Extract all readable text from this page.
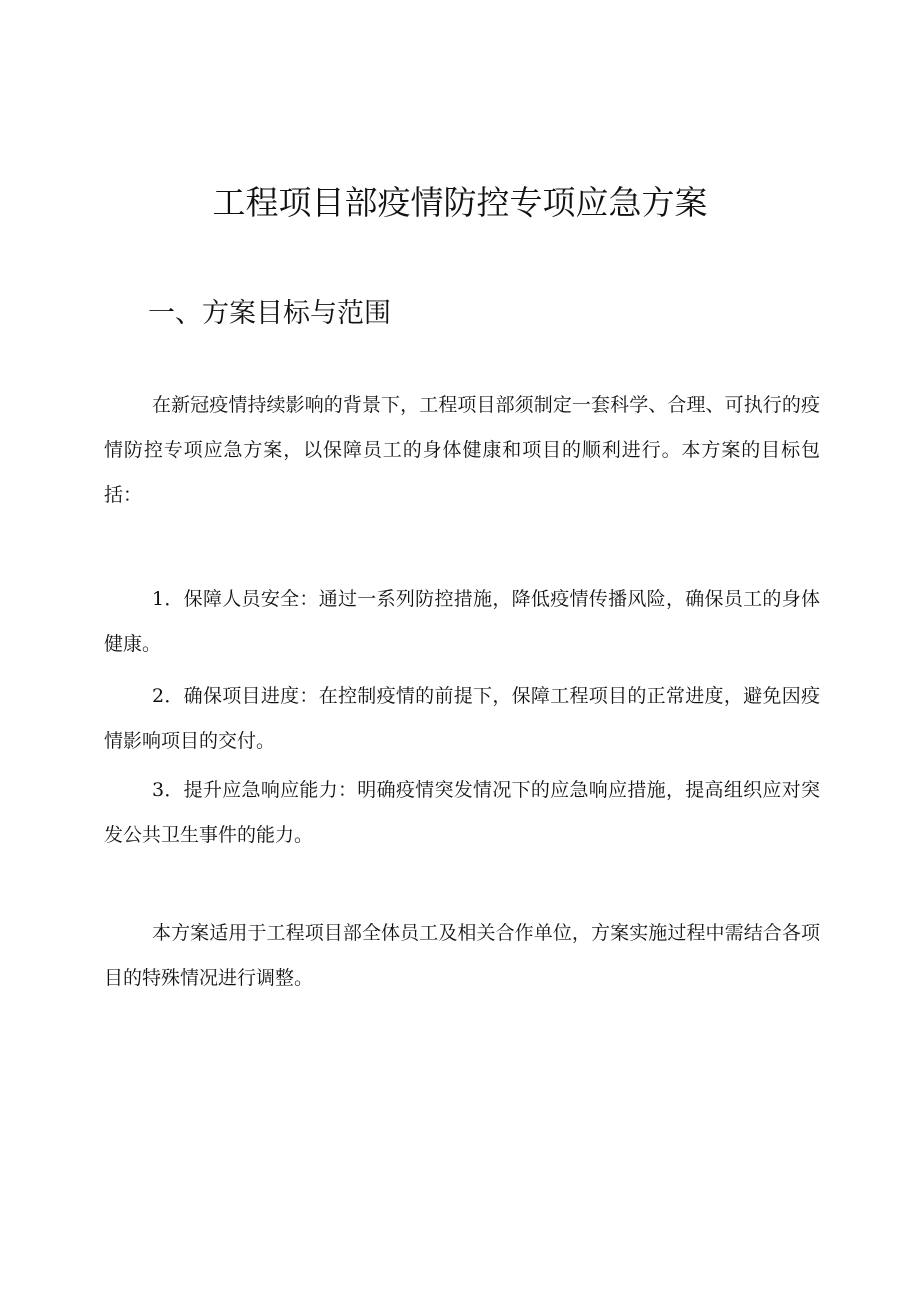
工程项目部疫情防控专项应急方案
一、方案目标与范围

在新冠疫情持续影响的背景下，工程项目部须制定一套科学、合理、可执行的疫情防控专项应急方案，以保障员工的身体健康和项目的顺利进行。本方案的目标包括：

1．保障人员安全：通过一系列防控措施，降低疫情传播风险，确保员工的身体健康。

2．确保项目进度：在控制疫情的前提下，保障工程项目的正常进度，避免因疫情影响项目的交付。

3．提升应急响应能力：明确疫情突发情况下的应急响应措施，提高组织应对突发公共卫生事件的能力。

本方案适用于工程项目部全体员工及相关合作单位，方案实施过程中需结合各项目的特殊情况进行调整。
